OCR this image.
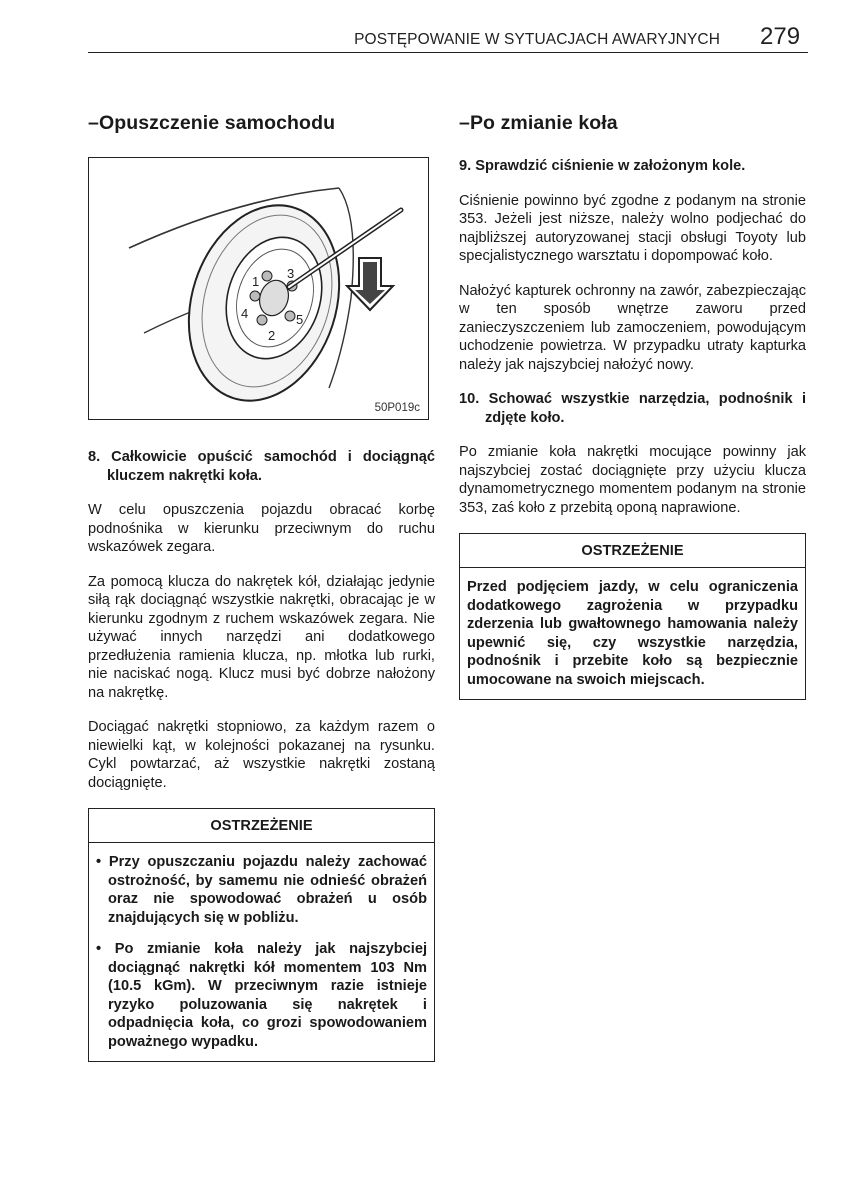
POSTĘPOWANIE W SYTUACJACH AWARYJNYCH 279
–Opuszczenie samochodu
1
2
3
4	5
50P019c
8. Całkowicie opuścić samochód i dociągnąć kluczem nakrętki koła.

W celu opuszczenia pojazdu obracać korbę podnośnika w kierunku przeciwnym do ruchu wskazówek zegara.

Za pomocą klucza do nakrętek kół, działając jedynie siłą rąk dociągnąć wszystkie nakrętki, obracając je w kierunku zgodnym z ruchem wskazówek zegara. Nie używać innych narzędzi ani dodatkowego przedłużenia ramienia klucza, np. młotka lub rurki, nie naciskać nogą. Klucz musi być dobrze nałożony na nakrętkę.

Dociągać nakrętki stopniowo, za każdym razem o niewielki kąt, w kolejności pokazanej na rysunku. Cykl powtarzać, aż wszystkie nakrętki zostaną dociągnięte.

OSTRZEŻENIE
• Przy opuszczaniu pojazdu należy zachować ostrożność, by samemu nie odnieść obrażeń oraz nie spowodować obrażeń u osób znajdujących się w pobliżu.
• Po zmianie koła należy jak najszybciej dociągnąć nakrętki kół momentem 103 Nm (10.5 kGm). W przeciwnym razie istnieje ryzyko poluzowania się nakrętek i odpadnięcia koła, co grozi spowodowaniem poważnego wypadku.
–Po zmianie koła
9. Sprawdzić ciśnienie w założonym kole.

Ciśnienie powinno być zgodne z podanym na stronie 353. Jeżeli jest niższe, należy wolno podjechać do najbliższej autoryzowanej stacji obsługi Toyoty lub specjalistycznego warsztatu i dopompować koło.

Nałożyć kapturek ochronny na zawór, zabezpieczając w ten sposób wnętrze zaworu przed zanieczyszczeniem lub zamoczeniem, powodującym uchodzenie powietrza. W przypadku utraty kapturka należy jak najszybciej nałożyć nowy.

10. Schować wszystkie narzędzia, podnośnik i zdjęte koło.

Po zmianie koła nakrętki mocujące powinny jak najszybciej zostać dociągnięte przy użyciu klucza dynamometrycznego momentem podanym na stronie 353, zaś koło z przebitą oponą naprawione.

OSTRZEŻENIE

Przed podjęciem jazdy, w celu ograniczenia dodatkowego zagrożenia w przypadku zderzenia lub gwałtownego hamowania należy upewnić się, czy wszystkie narzędzia, podnośnik i przebite koło są bezpiecznie umocowane na swoich miejscach.
